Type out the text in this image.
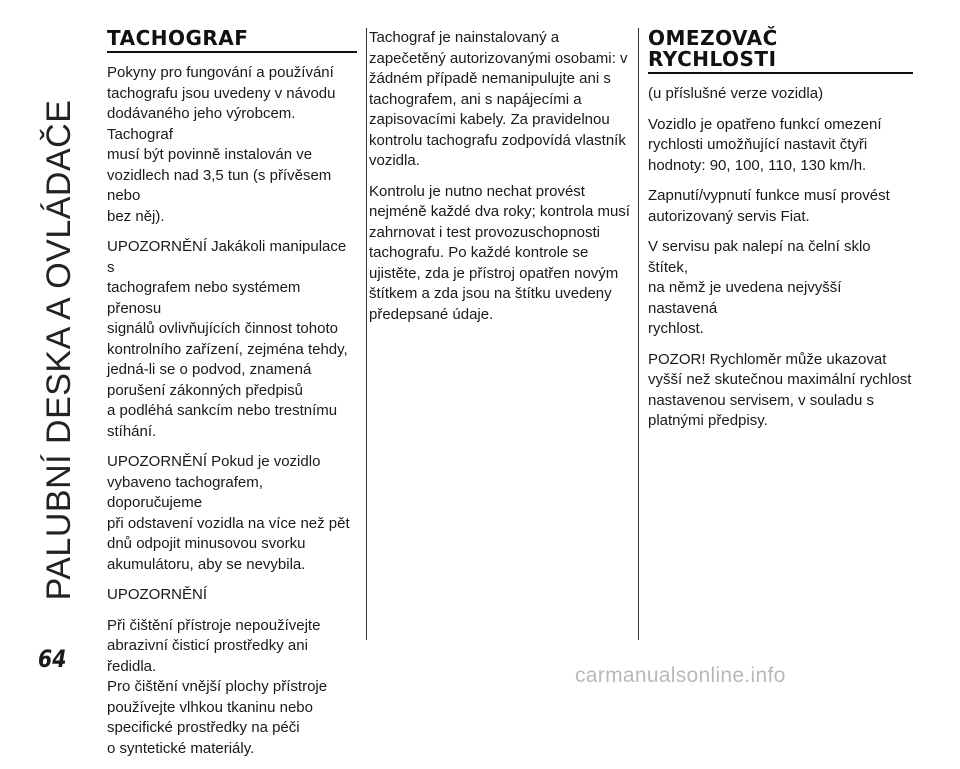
PALUBNÍ DESKA A OVLÁDAČE
TACHOGRAF

Pokyny pro fungování a používání
tachografu jsou uvedeny v návodu
dodávaného jeho výrobcem. Tachograf
musí být povinně instalován ve
vozidlech nad 3,5 tun (s přívěsem nebo
bez něj).

UPOZORNĚNÍ Jakákoli manipulace s
tachografem nebo systémem přenosu
signálů ovlivňujících činnost tohoto
kontrolního zařízení, zejména tehdy,
jedná-li se o podvod, znamená
porušení zákonných předpisů
a podléhá sankcím nebo trestnímu
stíhání.

UPOZORNĚNÍ Pokud je vozidlo
vybaveno tachografem, doporučujeme
při odstavení vozidla na více než pět
dnů odpojit minusovou svorku
akumulátoru, aby se nevybila.

UPOZORNĚNÍ

Při čištění přístroje nepoužívejte
abrazivní čisticí prostředky ani ředidla.
Pro čištění vnější plochy přístroje
používejte vlhkou tkaninu nebo
specifické prostředky na péči
o syntetické materiály.

Tachograf je nainstalovaný a
zapečetěný autorizovanými osobami: v
žádném případě nemanipulujte ani s
tachografem, ani s napájecími a
zapisovacími kabely. Za pravidelnou
kontrolu tachografu zodpovídá vlastník
vozidla.

Kontrolu je nutno nechat provést
nejméně každé dva roky; kontrola musí
zahrnovat i test provozuschopnosti
tachografu. Po každé kontrole se
ujistěte, zda je přístroj opatřen novým
štítkem a zda jsou na štítku uvedeny
předepsané údaje.

OMEZOVAČ
RYCHLOSTI

(u příslušné verze vozidla)

Vozidlo je opatřeno funkcí omezení
rychlosti umožňující nastavit čtyři
hodnoty: 90, 100, 110, 130 km/h.

Zapnutí/vypnutí funkce musí provést
autorizovaný servis Fiat.

V servisu pak nalepí na čelní sklo štítek,
na němž je uvedena nejvyšší nastavená
rychlost.

POZOR! Rychloměr může ukazovat
vyšší než skutečnou maximální rychlost
nastavenou servisem, v souladu s
platnými předpisy.

64
carmanualsonline.info
